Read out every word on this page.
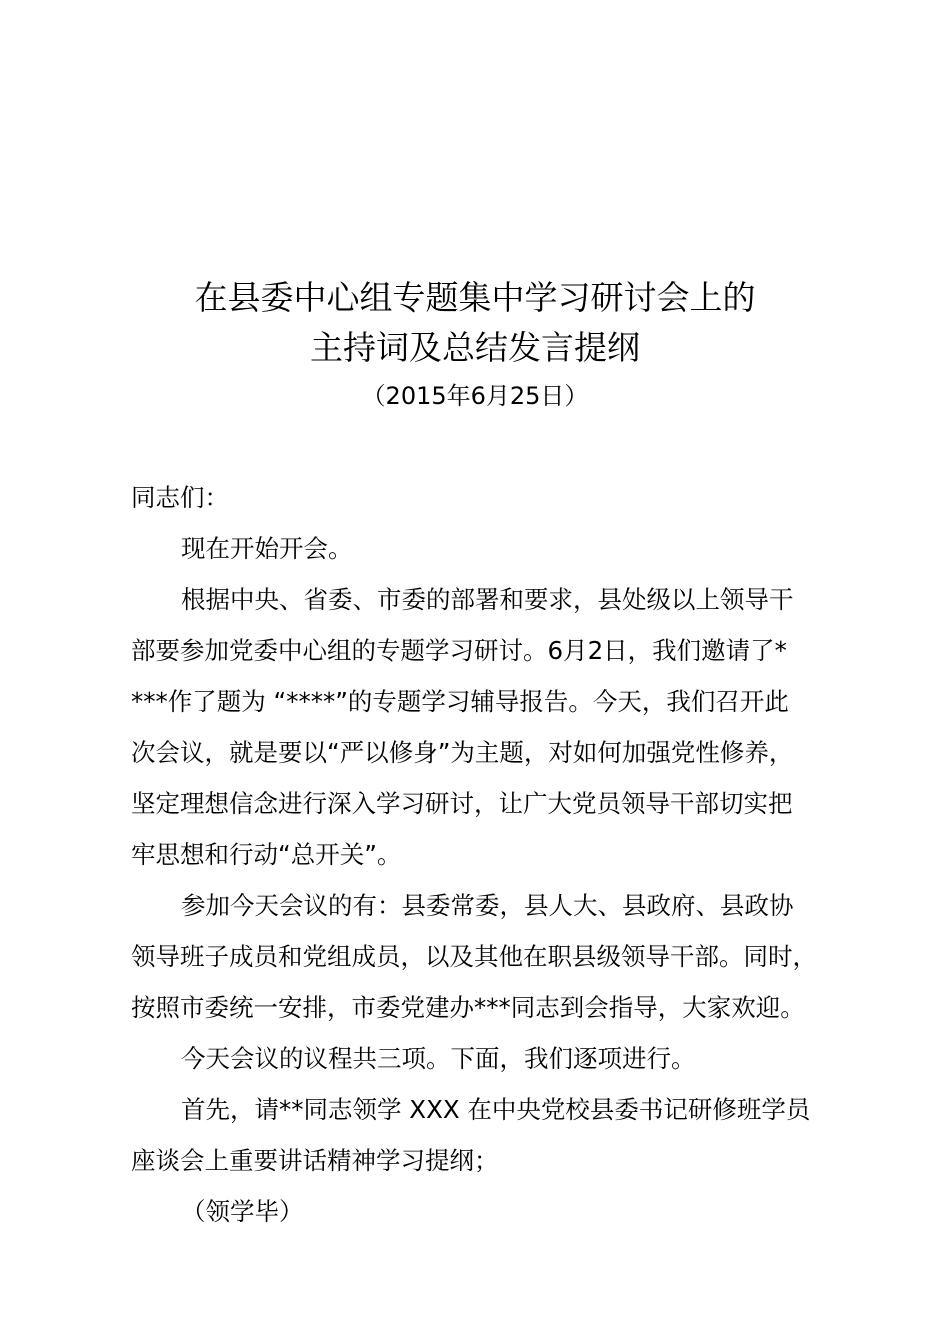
在县委中心组专题集中学习研讨会上的
主持词及总结发言提纲
（2015年6月25日）
同志们：
现在开始开会。
根据中央、省委、市委的部署和要求，县处级以上领导干
部要参加党委中心组的专题学习研讨。6月2日，我们邀请了*
***作了题为 “****”的专题学习辅导报告。今天，我们召开此
次会议，就是要以“严以修身”为主题，对如何加强党性修养，
坚定理想信念进行深入学习研讨，让广大党员领导干部切实把
牢思想和行动“总开关”。
参加今天会议的有：县委常委，县人大、县政府、县政协
领导班子成员和党组成员，以及其他在职县级领导干部。同时，
按照市委统一安排，市委党建办***同志到会指导，大家欢迎。
今天会议的议程共三项。下面，我们逐项进行。
首先，请**同志领学 XXX 在中央党校县委书记研修班学员
座谈会上重要讲话精神学习提纲；
（领学毕）
